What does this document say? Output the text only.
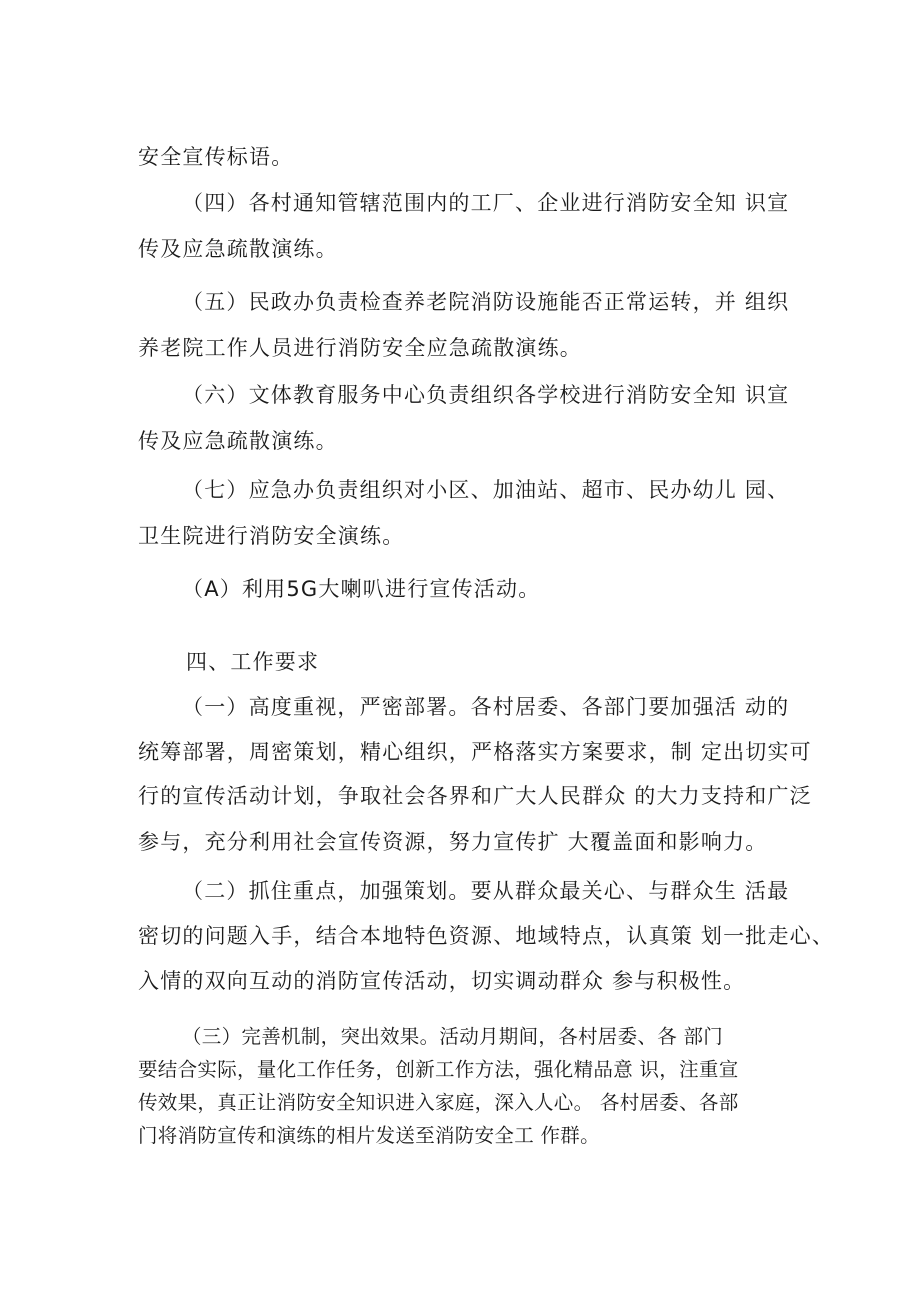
安全宣传标语。
（四）各村通知管辖范围内的工厂、企业进行消防安全知 识宣
传及应急疏散演练。
（五）民政办负责检查养老院消防设施能否正常运转，并 组织
养老院工作人员进行消防安全应急疏散演练。
（六）文体教育服务中心负责组织各学校进行消防安全知 识宣
传及应急疏散演练。
（七）应急办负责组织对小区、加油站、超市、民办幼儿 园、
卫生院进行消防安全演练。
（A）利用5G大喇叭进行宣传活动。
四、工作要求
（一）高度重视，严密部署。各村居委、各部门要加强活 动的
统筹部署，周密策划，精心组织，严格落实方案要求，制 定出切实可
行的宣传活动计划，争取社会各界和广大人民群众 的大力支持和广泛
参与，充分利用社会宣传资源，努力宣传扩 大覆盖面和影响力。
（二）抓住重点，加强策划。要从群众最关心、与群众生 活最
密切的问题入手，结合本地特色资源、地域特点，认真策 划一批走心、
入情的双向互动的消防宣传活动，切实调动群众 参与积极性。
（三）完善机制，突出效果。活动月期间，各村居委、各 部门
要结合实际，量化工作任务，创新工作方法，强化精品意 识，注重宣
传效果，真正让消防安全知识进入家庭，深入人心。 各村居委、各部
门将消防宣传和演练的相片发送至消防安全工 作群。
